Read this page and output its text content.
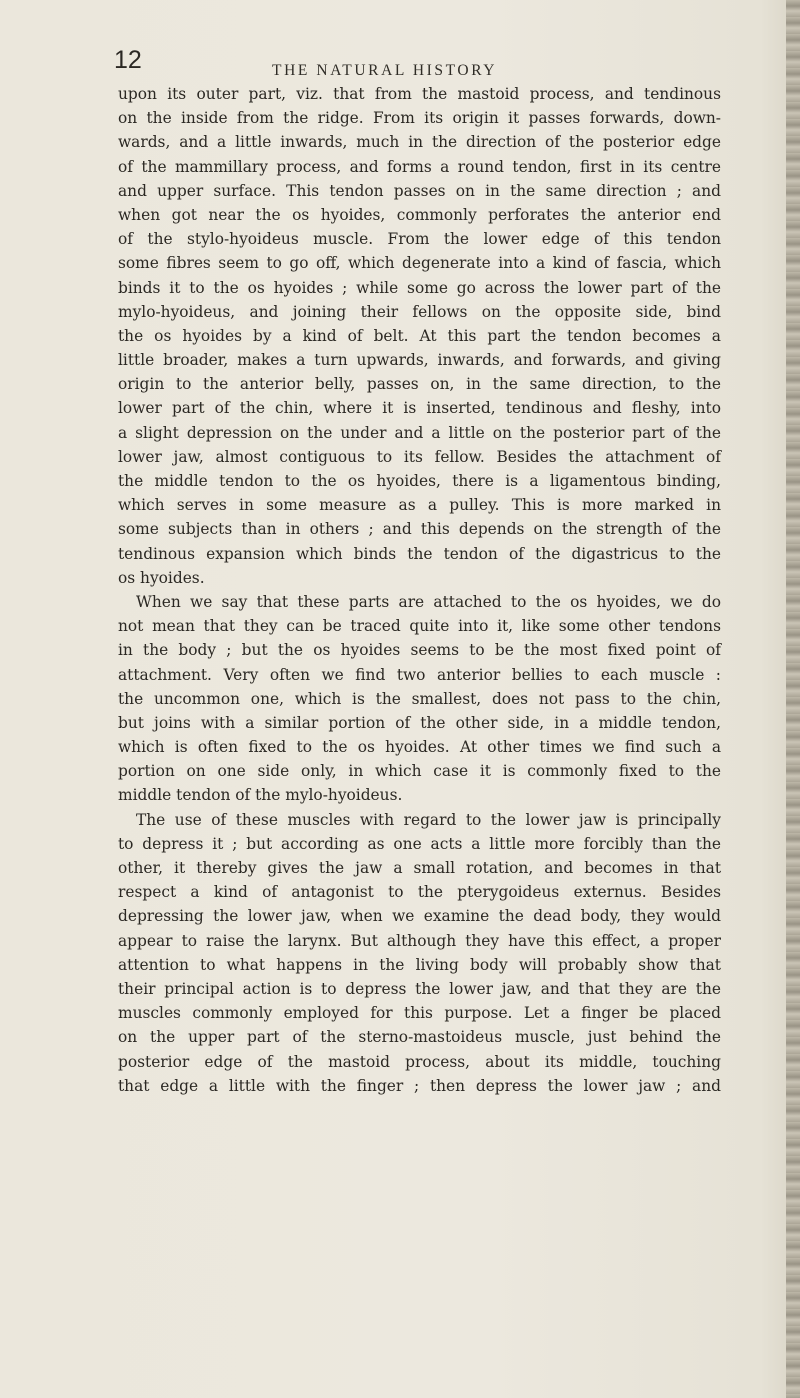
12	THE NATURAL HISTORY
upon its outer part, viz. that from the mastoid process, and tendinous
on the inside from the ridge. From its origin it passes forwards, down-
wards, and a little inwards, much in the direction of the posterior edge
of the mammillary process, and forms a round tendon, first in its centre
and upper surface. This tendon passes on in the same direction ; and
when got near the os hyoides, commonly perforates the anterior end
of the stylo-hyoideus muscle. From the lower edge of this tendon
some fibres seem to go off, which degenerate into a kind of fascia, which
binds it to the os hyoides ; while some go across the lower part of the
mylo-hyoideus, and joining their fellows on the opposite side, bind
the os hyoides by a kind of belt. At this part the tendon becomes a
little broader, makes a turn upwards, inwards, and forwards, and giving
origin to the anterior belly, passes on, in the same direction, to the
lower part of the chin, where it is inserted, tendinous and fleshy, into
a slight depression on the under and a little on the posterior part of the
lower jaw, almost contiguous to its fellow. Besides the attachment of
the middle tendon to the os hyoides, there is a ligamentous binding,
which serves in some measure as a pulley. This is more marked in
some subjects than in others ; and this depends on the strength of the
tendinous expansion which binds the tendon of the digastricus to the
os hyoides.
When we say that these parts are attached to the os hyoides, we do
not mean that they can be traced quite into it, like some other tendons
in the body ; but the os hyoides seems to be the most fixed point of
attachment. Very often we find two anterior bellies to each muscle :
the uncommon one, which is the smallest, does not pass to the chin,
but joins with a similar portion of the other side, in a middle tendon,
which is often fixed to the os hyoides. At other times we find such a
portion on one side only, in which case it is commonly fixed to the
middle tendon of the mylo-hyoideus.
The use of these muscles with regard to the lower jaw is principally
to depress it ; but according as one acts a little more forcibly than the
other, it thereby gives the jaw a small rotation, and becomes in that
respect a kind of antagonist to the pterygoideus externus. Besides
depressing the lower jaw, when we examine the dead body, they would
appear to raise the larynx. But although they have this effect, a proper
attention to what happens in the living body will probably show that
their principal action is to depress the lower jaw, and that they are the
muscles commonly employed for this purpose. Let a finger be placed
on the upper part of the sterno-mastoideus muscle, just behind the
posterior edge of the mastoid process, about its middle, touching
that edge a little with the finger ; then depress the lower jaw ; and
